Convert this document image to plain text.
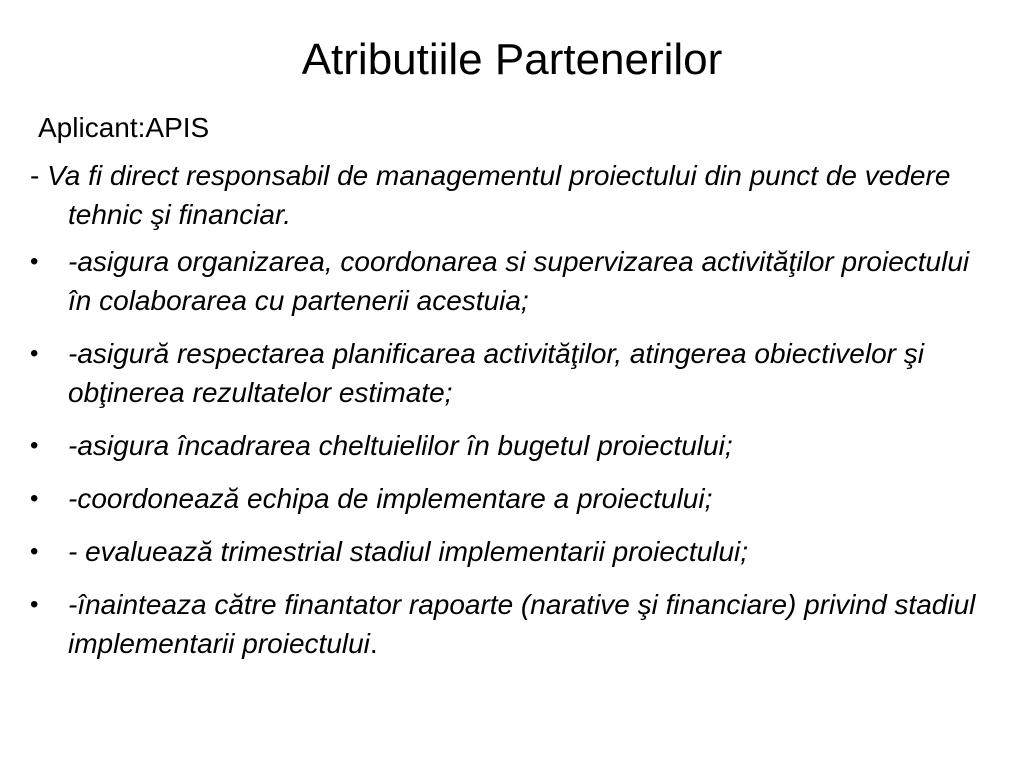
Atributiile Partenerilor

Aplicant:APIS

- Va fi direct responsabil de managementul proiectului din punct de vedere tehnic şi financiar.

• -asigura organizarea, coordonarea si supervizarea activităţilor proiectului în colaborarea cu partenerii acestuia;
• -asigură respectarea planificarea activităţilor, atingerea obiectivelor şi obţinerea rezultatelor estimate;
• -asigura încadrarea cheltuielilor în bugetul proiectului;
• -coordonează echipa de implementare a proiectului;
• - evaluează trimestrial stadiul implementarii proiectului;
• -înainteaza către finantator rapoarte (narative şi financiare) privind stadiul implementarii proiectului.
